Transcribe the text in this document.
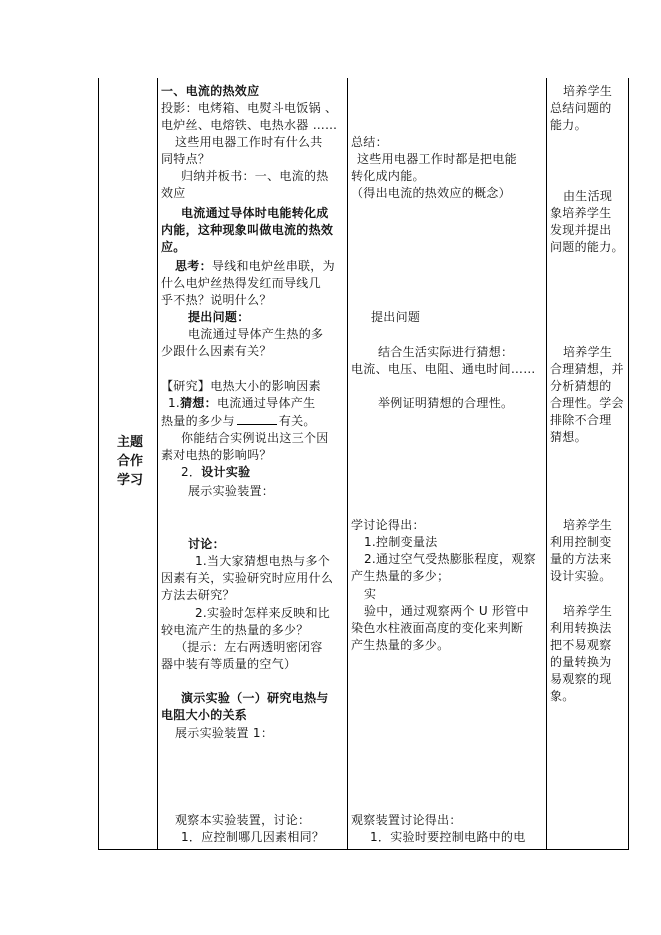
主题
合作
学习
一、电流的热效应
投影：电烤箱、电熨斗电饭锅 、
电炉丝、电熔铁、电热水器 ……
这些用电器工作时有什么共
同特点？
归纳并板书：一、电流的热
效应
电流通过导体时电能转化成
内能，这种现象叫做电流的热效
应。
思考：导线和电炉丝串联，为
什么电炉丝热得发红而导线几
乎不热？说明什么？
提出问题：
电流通过导体产生热的多
少跟什么因素有关？
【研究】电热大小的影响因素
1.猜想：电流通过导体产生
热量的多少与	有关。
你能结合实例说出这三个因
素对电热的影响吗？
2．设计实验
展示实验装置：
讨论：
1.当大家猜想电热与多个
因素有关，实验研究时应用什么
方法去研究？
2.实验时怎样来反映和比
较电流产生的热量的多少？
（提示：左右两透明密闭容
器中装有等质量的空气）
演示实验（一）研究电热与
电阻大小的关系
展示实验装置 1：
观察本实验装置，讨论：
1．应控制哪几因素相同？
总结：
这些用电器工作时都是把电能
转化成内能。
（得出电流的热效应的概念）
提出问题
结合生活实际进行猜想：
电流、电压、电阻、通电时间……
举例证明猜想的合理性。
学讨论得出：
1.控制变量法
2.通过空气受热膨胀程度，观察
产生热量的多少；
实
验中，通过观察两个 U 形管中
染色水柱液面高度的变化来判断
产生热量的多少。
观察装置讨论得出：
1．实验时要控制电路中的电
培养学生
总结问题的
能力。
由生活现
象培养学生
发现并提出
问题的能力。
培养学生
合理猜想，并
分析猜想的
合理性。学会
排除不合理
猜想。
培养学生
利用控制变
量的方法来
设计实验。
培养学生
利用转换法
把不易观察
的量转换为
易观察的现
象。
